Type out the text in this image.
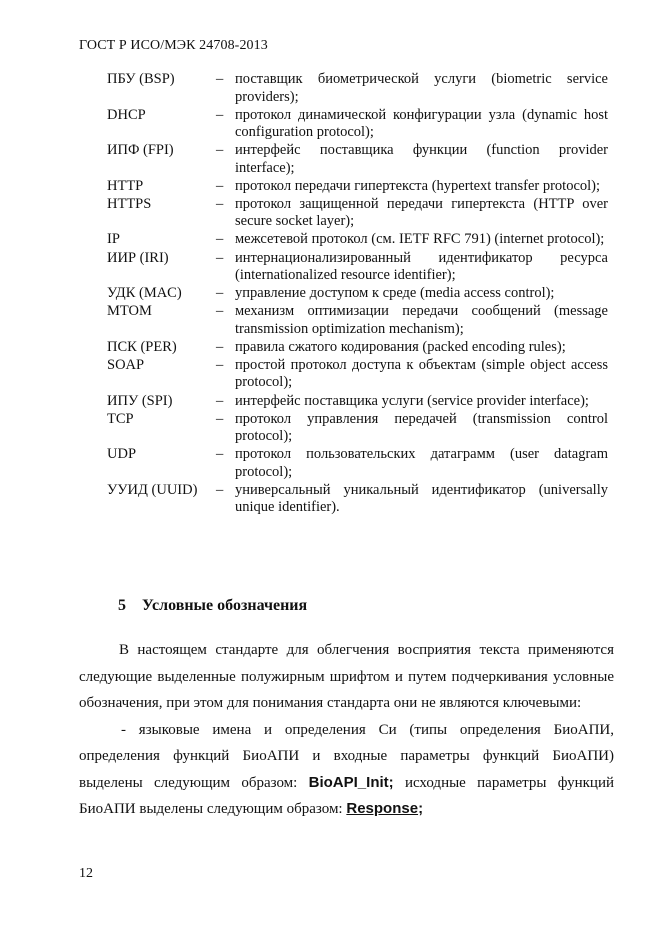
ГОСТ Р ИСО/МЭК 24708-2013
ПБУ (BSP)	– поставщик биометрической услуги (biometric service providers);
DHCP	– протокол динамической конфигурации узла (dynamic host configuration protocol);
ИПФ (FPI)	– интерфейс поставщика функции (function provider interface);
HTTP	– протокол передачи гипертекста (hypertext transfer protocol);
HTTPS	– протокол защищенной передачи гипертекста (HTTP over secure socket layer);
IP	– межсетевой протокол (см. IETF RFC 791) (internet protocol);
ИИР (IRI)	– интернационализированный идентификатор ресурса (internationalized resource identifier);
УДК (MAC) – управление доступом к среде (media access control);
MTOM	– механизм оптимизации передачи сообщений (message transmission optimization mechanism);
ПСК (PER)	– правила сжатого кодирования (packed encoding rules);
SOAP	– простой протокол доступа к объектам (simple object access protocol);
ИПУ (SPI)	– интерфейс поставщика услуги (service provider interface);
TCP	– протокол управления передачей (transmission control protocol);
UDP	– протокол пользовательских датаграмм (user datagram protocol);
УУИД (UUID) – универсальный уникальный идентификатор (universally unique identifier).
5 Условные обозначения

В настоящем стандарте для облегчения восприятия текста применяются следующие выделенные полужирным шрифтом и путем подчеркивания условные обозначения, при этом для понимания стандарта они не являются ключевыми:

- языковые имена и определения Си (типы определения БиоАПИ, определения функций БиоАПИ и входные параметры функций БиоАПИ) выделены следующим образом: BioAPI_Init; исходные параметры функций БиоАПИ выделены следующим образом: Response;

12
